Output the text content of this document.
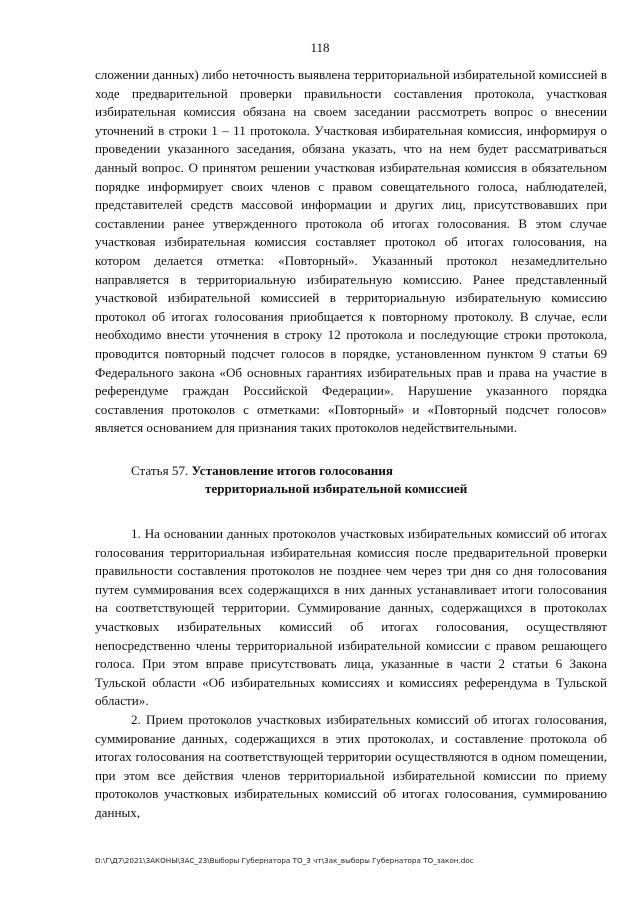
118

сложении данных) либо неточность выявлена территориальной избирательной комиссией в ходе предварительной проверки правильности составления протокола, участковая избирательная комиссия обязана на своем заседании рассмотреть вопрос о внесении уточнений в строки 1 – 11 протокола. Участковая избирательная комиссия, информируя о проведении указанного заседания, обязана указать, что на нем будет рассматриваться данный вопрос. О принятом решении участковая избирательная комиссия в обязательном порядке информирует своих членов с правом совещательного голоса, наблюдателей, представителей средств массовой информации и других лиц, присутствовавших при составлении ранее утвержденного протокола об итогах голосования. В этом случае участковая избирательная комиссия составляет протокол об итогах голосования, на котором делается отметка: «Повторный». Указанный протокол незамедлительно направляется в территориальную избирательную комиссию. Ранее представленный участковой избирательной комиссией в территориальную избирательную комиссию протокол об итогах голосования приобщается к повторному протоколу. В случае, если необходимо внести уточнения в строку 12 протокола и последующие строки протокола, проводится повторный подсчет голосов в порядке, установленном пунктом 9 статьи 69 Федерального закона «Об основных гарантиях избирательных прав и права на участие в референдуме граждан Российской Федерации». Нарушение указанного порядка составления протоколов с отметками: «Повторный» и «Повторный подсчет голосов» является основанием для признания таких протоколов недействительными.

Статья 57. Установление итогов голосования
территориальной избирательной комиссией

1. На основании данных протоколов участковых избирательных комиссий об итогах голосования территориальная избирательная комиссия после предварительной проверки правильности составления протоколов не позднее чем через три дня со дня голосования путем суммирования всех содержащихся в них данных устанавливает итоги голосования на соответствующей территории. Суммирование данных, содержащихся в протоколах участковых избирательных комиссий об итогах голосования, осуществляют непосредственно члены территориальной избирательной комиссии с правом решающего голоса. При этом вправе присутствовать лица, указанные в части 2 статьи 6 Закона Тульской области «Об избирательных комиссиях и комиссиях референдума в Тульской области».

2. Прием протоколов участковых избирательных комиссий об итогах голосования, суммирование данных, содержащихся в этих протоколах, и составление протокола об итогах голосования на соответствующей территории осуществляются в одном помещении, при этом все действия членов территориальной избирательной комиссии по приему протоколов участковых избирательных комиссий об итогах голосования, суммированию данных,

D:\Г\Д7\2021\ЗАКОНЫ\ЗАС_23\Выборы Губернатора ТО_3 чт\Зак_выборы Губернатора ТО_закон.doc
